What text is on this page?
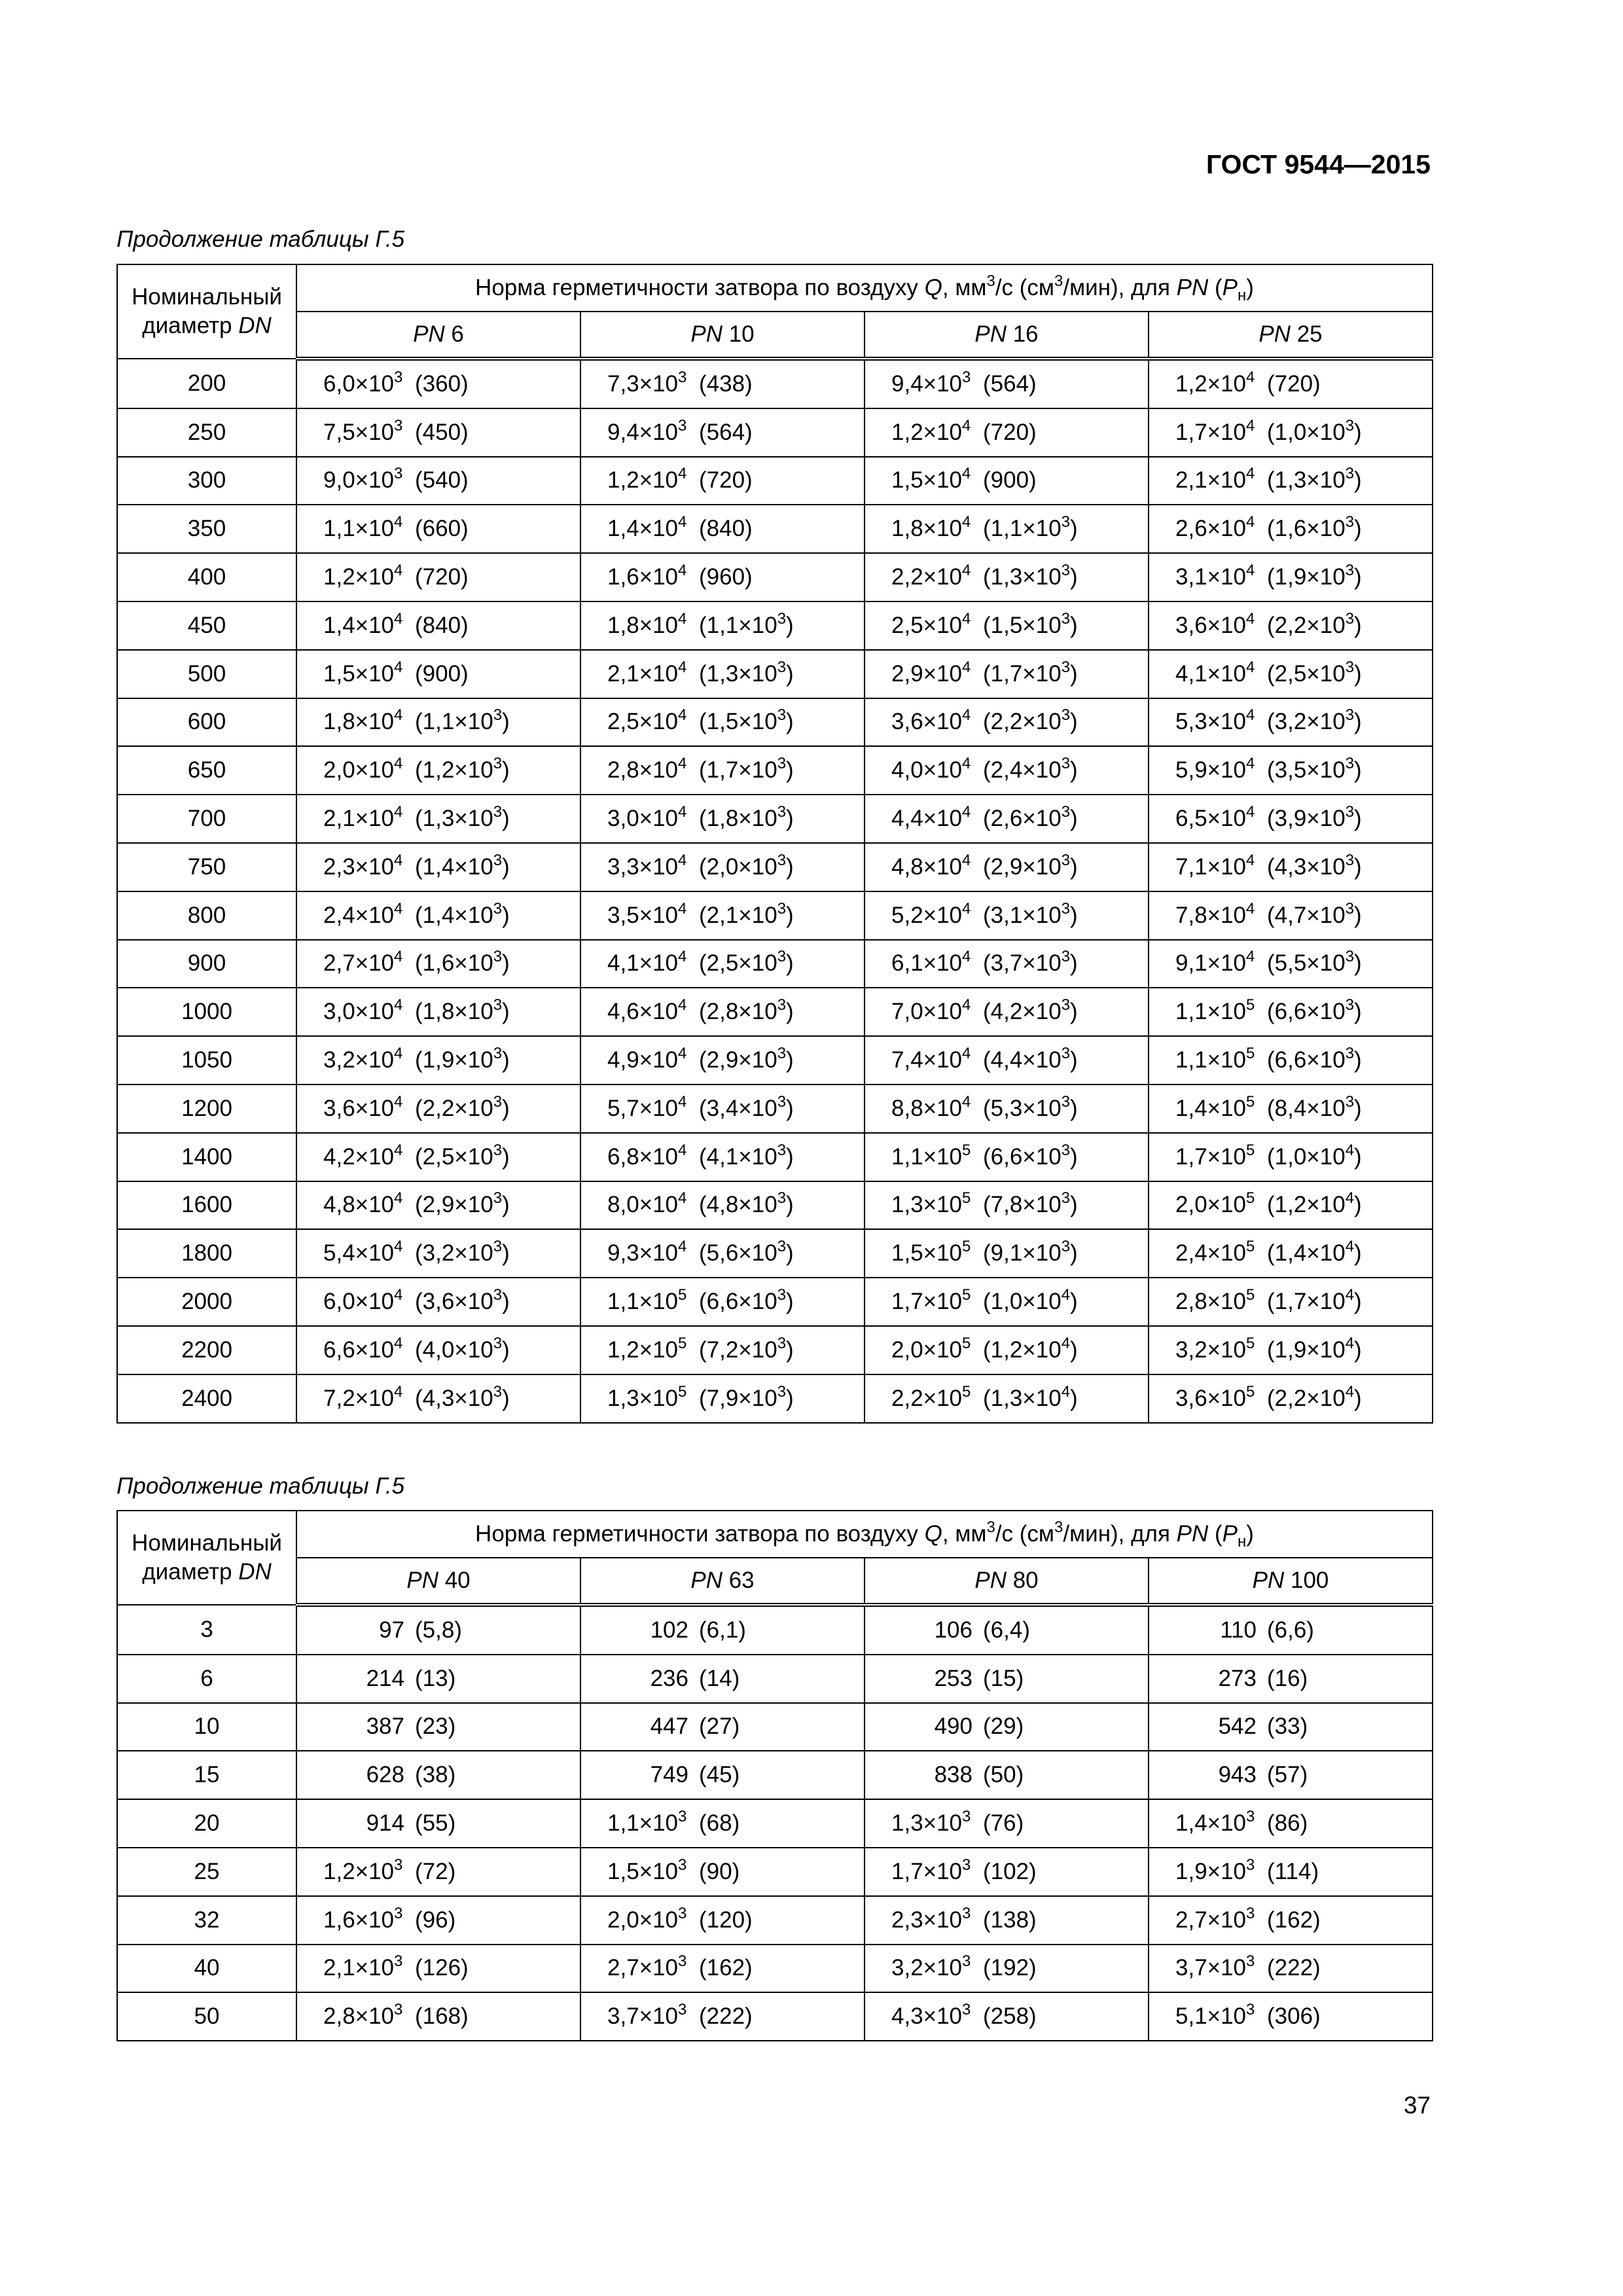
ГОСТ 9544—2015
Продолжение таблицы Г.5
Номинальный
диаметр DN	Норма герметичности затвора по воздуху Q, $мм^3/с$ $(см^3/мин)$, для PN $(P_н)$			
	PN 6	PN 10	PN 16	PN 25
200	$6,0\times 10^3$ (360)	$7,3\times 10^3$ (438)	$9,4\times 10^3$ (564)	$1,2\times 10^4$ (720)
250	$7,5\times 10^3$ (450)	$9,4\times 10^3$ (564)	$1,2\times 10^4$ (720)	$1,7\times 10^4$ $(1,0\times 10^3)$
300	$9,0\times 10^3$ (540)	$1,2\times 10^4$ (720)	$1,5\times 10^4$ (900)	$2,1\times 10^4$ $(1,3\times 10^3)$
350	$1,1\times 10^4$ (660)	$1,4\times 10^4$ (840)	$1,8\times 10^4$ $(1,1\times 10^3)$	$2,6\times 10^4$ $(1,6\times 10^3)$
400	$1,2\times 10^4$ (720)	$1,6\times 10^4$ (960)	$2,2\times 10^4$ $(1,3\times 10^3)$	$3,1\times 10^4$ $(1,9\times 10^3)$
450	$1,4\times 10^4$ (840)	$1,8\times 10^4$ $(1,1\times 10^3)$	$2,5\times 10^4$ $(1,5\times 10^3)$	$3,6\times 10^4$ $(2,2\times 10^3)$
500	$1,5\times 10^4$ (900)	$2,1\times 10^4$ $(1,3\times 10^3)$	$2,9\times 10^4$ $(1,7\times 10^3)$	$4,1\times 10^4$ $(2,5\times 10^3)$
600	$1,8\times 10^4$ $(1,1\times 10^3)$	$2,5\times 10^4$ $(1,5\times 10^3)$	$3,6\times 10^4$ $(2,2\times 10^3)$	$5,3\times 10^4$ $(3,2\times 10^3)$
650	$2,0\times 10^4$ $(1,2\times 10^3)$	$2,8\times 10^4$ $(1,7\times 10^3)$	$4,0\times 10^4$ $(2,4\times 10^3)$	$5,9\times 10^4$ $(3,5\times 10^3)$
700	$2,1\times 10^4$ $(1,3\times 10^3)$	$3,0\times 10^4$ $(1,8\times 10^3)$	$4,4\times 10^4$ $(2,6\times 10^3)$	$6,5\times 10^4$ $(3,9\times 10^3)$
750	$2,3\times 10^4$ $(1,4\times 10^3)$	$3,3\times 10^4$ $(2,0\times 10^3)$	$4,8\times 10^4$ $(2,9\times 10^3)$	$7,1\times 10^4$ $(4,3\times 10^3)$
800	$2,4\times 10^4$ $(1,4\times 10^3)$	$3,5\times 10^4$ $(2,1\times 10^3)$	$5,2\times 10^4$ $(3,1\times 10^3)$	$7,8\times 10^4$ $(4,7\times 10^3)$
900	$2,7\times 10^4$ $(1,6\times 10^3)$	$4,1\times 10^4$ $(2,5\times 10^3)$	$6,1\times 10^4$ $(3,7\times 10^3)$	$9,1\times 10^4$ $(5,5\times 10^3)$
1000	$3,0\times 10^4$ $(1,8\times 10^3)$	$4,6\times 10^4$ $(2,8\times 10^3)$	$7,0\times 10^4$ $(4,2\times 10^3)$	$1,1\times 10^5$ $(6,6\times 10^3)$
1050	$3,2\times 10^4$ $(1,9\times 10^3)$	$4,9\times 10^4$ $(2,9\times 10^3)$	$7,4\times 10^4$ $(4,4\times 10^3)$	$1,1\times 10^5$ $(6,6\times 10^3)$
1200	$3,6\times 10^4$ $(2,2\times 10^3)$	$5,7\times 10^4$ $(3,4\times 10^3)$	$8,8\times 10^4$ $(5,3\times 10^3)$	$1,4\times 10^5$ $(8,4\times 10^3)$
1400	$4,2\times 10^4$ $(2,5\times 10^3)$	$6,8\times 10^4$ $(4,1\times 10^3)$	$1,1\times 10^5$ $(6,6\times 10^3)$	$1,7\times 10^5$ $(1,0\times 10^4)$
1600	$4,8\times 10^4$ $(2,9\times 10^3)$	$8,0\times 10^4$ $(4,8\times 10^3)$	$1,3\times 10^5$ $(7,8\times 10^3)$	$2,0\times 10^5$ $(1,2\times 10^4)$
1800	$5,4\times 10^4$ $(3,2\times 10^3)$	$9,3\times 10^4$ $(5,6\times 10^3)$	$1,5\times 10^5$ $(9,1\times 10^3)$	$2,4\times 10^5$ $(1,4\times 10^4)$
2000	$6,0\times 10^4$ $(3,6\times 10^3)$	$1,1\times 10^5$ $(6,6\times 10^3)$	$1,7\times 10^5$ $(1,0\times 10^4)$	$2,8\times 10^5$ $(1,7\times 10^4)$
2200	$6,6\times 10^4$ $(4,0\times 10^3)$	$1,2\times 10^5$ $(7,2\times 10^3)$	$2,0\times 10^5$ $(1,2\times 10^4)$	$3,2\times 10^5$ $(1,9\times 10^4)$
2400	$7,2\times 10^4$ $(4,3\times 10^3)$	$1,3\times 10^5$ $(7,9\times 10^3)$	$2,2\times 10^5$ $(1,3\times 10^4)$	$3,6\times 10^5$ $(2,2\times 10^4)$
Продолжение таблицы Г.5
Номинальный
диаметр DN	Норма герметичности затвора по воздуху Q, $мм^3/с$ $(см^3/мин)$, для PN $(P_н)$			
	PN 40	PN 63	PN 80	PN 100
3	97 (5,8)	102 (6,1)	106 (6,4)	110 (6,6)
6	214 (13)	236 (14)	253 (15)	273 (16)
10	387 (23)	447 (27)	490 (29)	542 (33)
15	628 (38)	749 (45)	838 (50)	943 (57)
20	914 (55)	$1,1\times 10^3$ (68)	$1,3\times 10^3$ (76)	$1,4\times 10^3$ (86)
25	$1,2\times 10^3$ (72)	$1,5\times 10^3$ (90)	$1,7\times 10^3$ (102)	$1,9\times 10^3$ (114)
32	$1,6\times 10^3$ (96)	$2,0\times 10^3$ (120)	$2,3\times 10^3$ (138)	$2,7\times 10^3$ (162)
40	$2,1\times 10^3$ (126)	$2,7\times 10^3$ (162)	$3,2\times 10^3$ (192)	$3,7\times 10^3$ (222)
50	$2,8\times 10^3$ (168)	$3,7\times 10^3$ (222)	$4,3\times 10^3$ (258)	$5,1\times 10^3$ (306)
37
